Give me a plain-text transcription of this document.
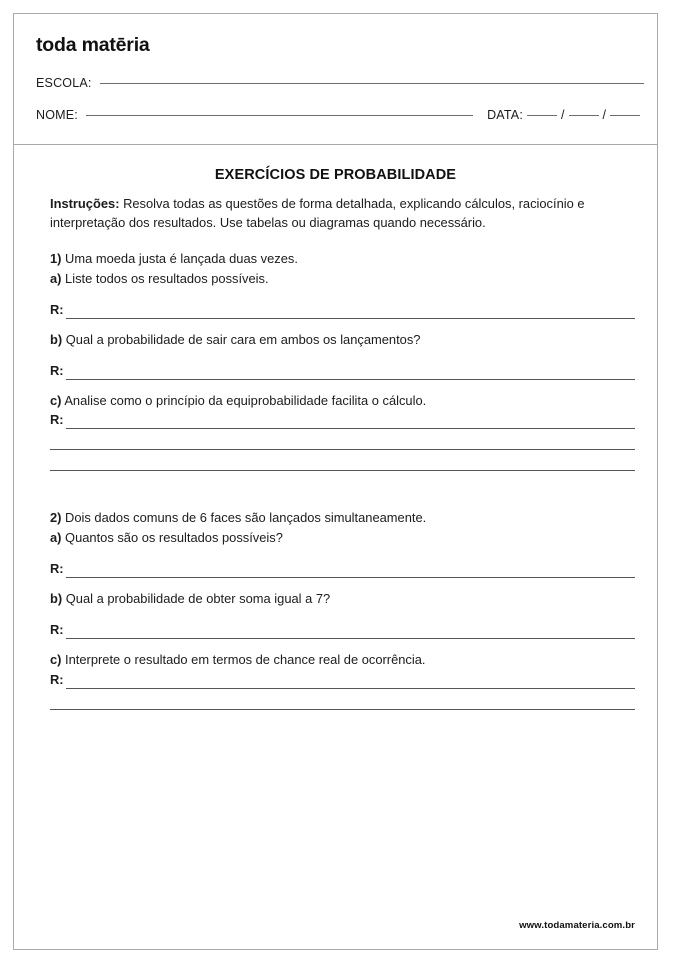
toda matēria
ESCOLA:
NOME:	DATA:	/	/
EXERCÍCIOS DE PROBABILIDADE

Instruções: Resolva todas as questões de forma detalhada, explicando cálculos, raciocínio e interpretação dos resultados. Use tabelas ou diagramas quando necessário.

1) Uma moeda justa é lançada duas vezes.

a) Liste todos os resultados possíveis.

R:

b) Qual a probabilidade de sair cara em ambos os lançamentos?

R:

c) Analise como o princípio da equiprobabilidade facilita o cálculo.

R:

2) Dois dados comuns de 6 faces são lançados simultaneamente.

a) Quantos são os resultados possíveis?

R:

b) Qual a probabilidade de obter soma igual a 7?

R:

c) Interprete o resultado em termos de chance real de ocorrência.

R:
www.todamateria.com.br
